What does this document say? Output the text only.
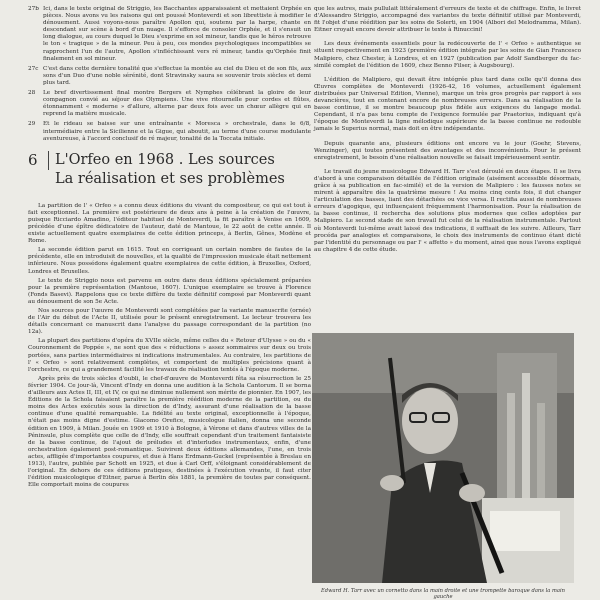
27b Ici, dans le texte original de Striggio, les Bacchantes apparaissaient et mettaient Orphée en pièces. Nous avons vu les raisons qui ont poussé Monteverdi et son librettiste à modifier le dénouement. Aussi voyons-nous paraître Apollon qui, soutenu par la harpe, chante en descendant sur scène à bord d'un nuage. Il s'efforce de consoler Orphée, et il s'ensuit un long dialogue, au cours duquel le Dieu s'exprime en sol mineur, tandis que le héros retrouve le ton « tragique » de la mineur. Peu à peu, ces mondes psychologiques incompatibles se rapprochent l'un de l'autre, Apollon s'infléchissant vers ré mineur, tandis qu'Orphée finit finalement en sol mineur.
27c C'est dans cette dernière tonalité que s'effectue la montée au ciel du Dieu et de son fils, aux sons d'un Duo d'une noble sérénité, dont Stravinsky saura se souvenir trois siècles et demi plus tard.
28	Le bref divertissement final montre Bergers et Nymphes célébrant la gloire de leur compagnon convié au séjour des Olympiens. Une vive ritournelle pour cordes et flûtes, étonnamment « moderne » d'allure, alterne par deux fois avec un chœur allègre qui en reprend la matière musicale.
29	Et le rideau se baisse sur une entraînante « Moresca » orchestrale, dans le 6/8, intermédiaire entre la Sicilienne et la Gigue, qui aboutit, au terme d'une course modulante aventureuse, à l'accord conclusif de ré majeur, tonalité de la Toccata initiale.
6	L'Orfeo en 1968 . Les sources
La réalisation et ses problèmes

La partition de l' « Orfeo » a connu deux éditions du vivant du compositeur, ce qui est tout à fait exceptionnel. La première est postérieure de deux ans à peine à la création de l'œuvre, puisque Ricciardo Amadino, l'éditeur habituel de Monteverdi, la fit paraître à Venise en 1609, précédée d'une épître dédicatoire de l'auteur, daté de Mantoue, le 22 août de cette année. Il existe actuellement quatre exemplaires de cette édition princeps, à Berlin, Gênes, Modène et Rome.

La seconde édition parut en 1615. Tout en corrigeant un certain nombre de fautes de la précédente, elle en introduisit de nouvelles, et la qualité de l'impression musicale était nettement inférieure. Nous possédons également quatre exemplaires de cette édition, à Bruxelles, Oxford, Londres et Bruxelles.

Le texte de Striggio nous est parvenu en outre dans deux éditions spécialement préparées pour la première représentation (Mantoue, 1607). L'unique exemplaire se trouve à Florence (Fonds Basevi). Rappelons que ce texte diffère du texte définitif composé par Monteverdi quant au dénouement de son 5e Acte.

Nos sources pour l'œuvre de Monteverdi sont complétées par la variante manuscrite (ornée) de l'Air du début de l'Acte II, utilisée pour le présent enregistrement. Le lecteur trouvera les détails concernant ce manuscrit dans l'analyse du passage correspondant de la partition (no 12a).

La plupart des partitions d'opéra du XVIIe siècle, même celles du « Retour d'Ulysse » ou du « Couronnement de Poppée », ne sont que des « réductions » assez sommaires sur deux ou trois portées, sans parties intermédiaires ni indications instrumentales. Au contraire, les partitions de l' « Orfeo » sont relativement complètes, et comportent de multiples précisions quant à l'orchestre, ce qui a grandement facilité les travaux de réalisation tentés à l'époque moderne.

Après près de trois siècles d'oubli, le chef-d'œuvre de Monteverdi fêta sa résurrection le 25 février 1904. Ce jour-là, Vincent d'Indy en donna une audition à la Schola Cantorum. Il se borna d'ailleurs aux Actes II, III, et IV, ce qui ne diminue nullement son mérite de pionnier. En 1907, les Éditions de la Schola faisaient paraître la première réédition moderne de la partition, ou du moins des Actes exécutés sous la direction de d'Indy, assurant d'une réalisation de la basse continue d'une qualité remarquable. La fidélité au texte original, exceptionnelle à l'époque, n'était pas moins digne d'estime. Giacomo Orefice, musicologue italien, donna une seconde édition en 1909, à Milan. Jouée en 1909 et 1910 à Bologne, à Vérone et dans d'autres villes de la Péninsule, plus complète que celle de d'Indy, elle souffrait cependant d'un traitement fantaisiste de la basse continue, de l'ajout de préludes et d'interludes instrumentaux, enfin, d'une orchestration également post-romantique. Suivirent deux éditions allemandes, l'une, en trois actes, affligée d'importantes coupures, et due à Hans Erdmann-Guckel (représentée à Breslau en 1913), l'autre, publiée par Schott en 1925, et due à Carl Orff, s'éloignant considérablement de l'original. En dehors de ces éditions pratiques, destinées à l'exécution vivante, il faut citer l'édition musicologique d'Eitner, parue à Berlin dès 1881, la première de toutes par conséquent. Elle comportait moins de coupures

que les autres, mais pullulait littéralement d'erreurs de texte et de chiffrage. Enfin, le livret d'Alessandro Striggio, accompagné des variantes du texte définitif utilisé par Monteverdi, fit l'objet d'une réédition par les soins de Solerti, en 1904 (Albori del Melodramma, Milan). Eitner croyait encore devoir attribuer le texte à Rinuccini!

Les deux événements essentiels pour la redécouverte de l' « Orfeo » authentique se situent respectivement en 1923 (première édition intégrale par les soins de Gian Francesco Malipiero, chez Chester, à Londres, et en 1927 (publication par Adolf Sandberger du fac-similé complet de l'édition de 1609, chez Benno Filser, à Augsbourg).

L'édition de Malipiero, qui devait être intégrée plus tard dans celle qu'il donna des Œuvres complètes de Monteverdi (1926-42, 16 volumes, actuellement également distribuées par Universal Edition, Vienne), marque un très gros progrès par rapport à ses devancières, tout en contenant encore de nombreuses erreurs. Dans sa réalisation de la basse continue, il se montre beaucoup plus fidèle aux exigences du langage modal. Cependant, il n'a pas tenu compte de l'exigence formulée par Praetorius, indiquant qu'à l'époque de Monteverdi la ligne mélodique supérieure de la basse continue ne redouble jamais le Superius normal, mais doit en être indépendante.

Depuis quarante ans, plusieurs éditions ont encore vu le jour (Goehr, Stevens, Wenzinger), qui toutes présentent des avantages et des inconvénients. Pour le présent enregistrement, le besoin d'une réalisation nouvelle se faisait impérieusement sentir.

Le travail du jeune musicologue Edward H. Tarr s'est déroulé en deux étapes. Il se livra d'abord à une comparaison détaillée de l'édition originale (aisément accessible désormais, grâce à sa publication en fac-similé) et de la version de Malipiero : les fausses notes se mirent à apparaître dès la quatrième mesure ! Au moins cinq cents fois, il dut changer l'articulation des basses, liant des détachées ou vice versa. Il rectifia aussi de nombreuses erreurs d'agogique, qui influençaient fréquemment l'harmonisation. Pour la réalisation de la basse continue, il rechercha des solutions plus modernes que celles adoptées par Malipiero. Le second stade de son travail fut celui de la réalisation instrumentale. Partout où Monteverdi lui-même avait laissé des indications, il suffisait de les suivre. Ailleurs, Tarr procéda par analogies et comparaisons, le choix des instruments de continuo étant dicté par l'identité du personnage ou par l' « affetto » du moment, ainsi que nous l'avons expliqué au chapitre 4 de cette étude.

Edward H. Tarr avec un cornetto dans la main droite et une trompette baroque dans la main gauche
